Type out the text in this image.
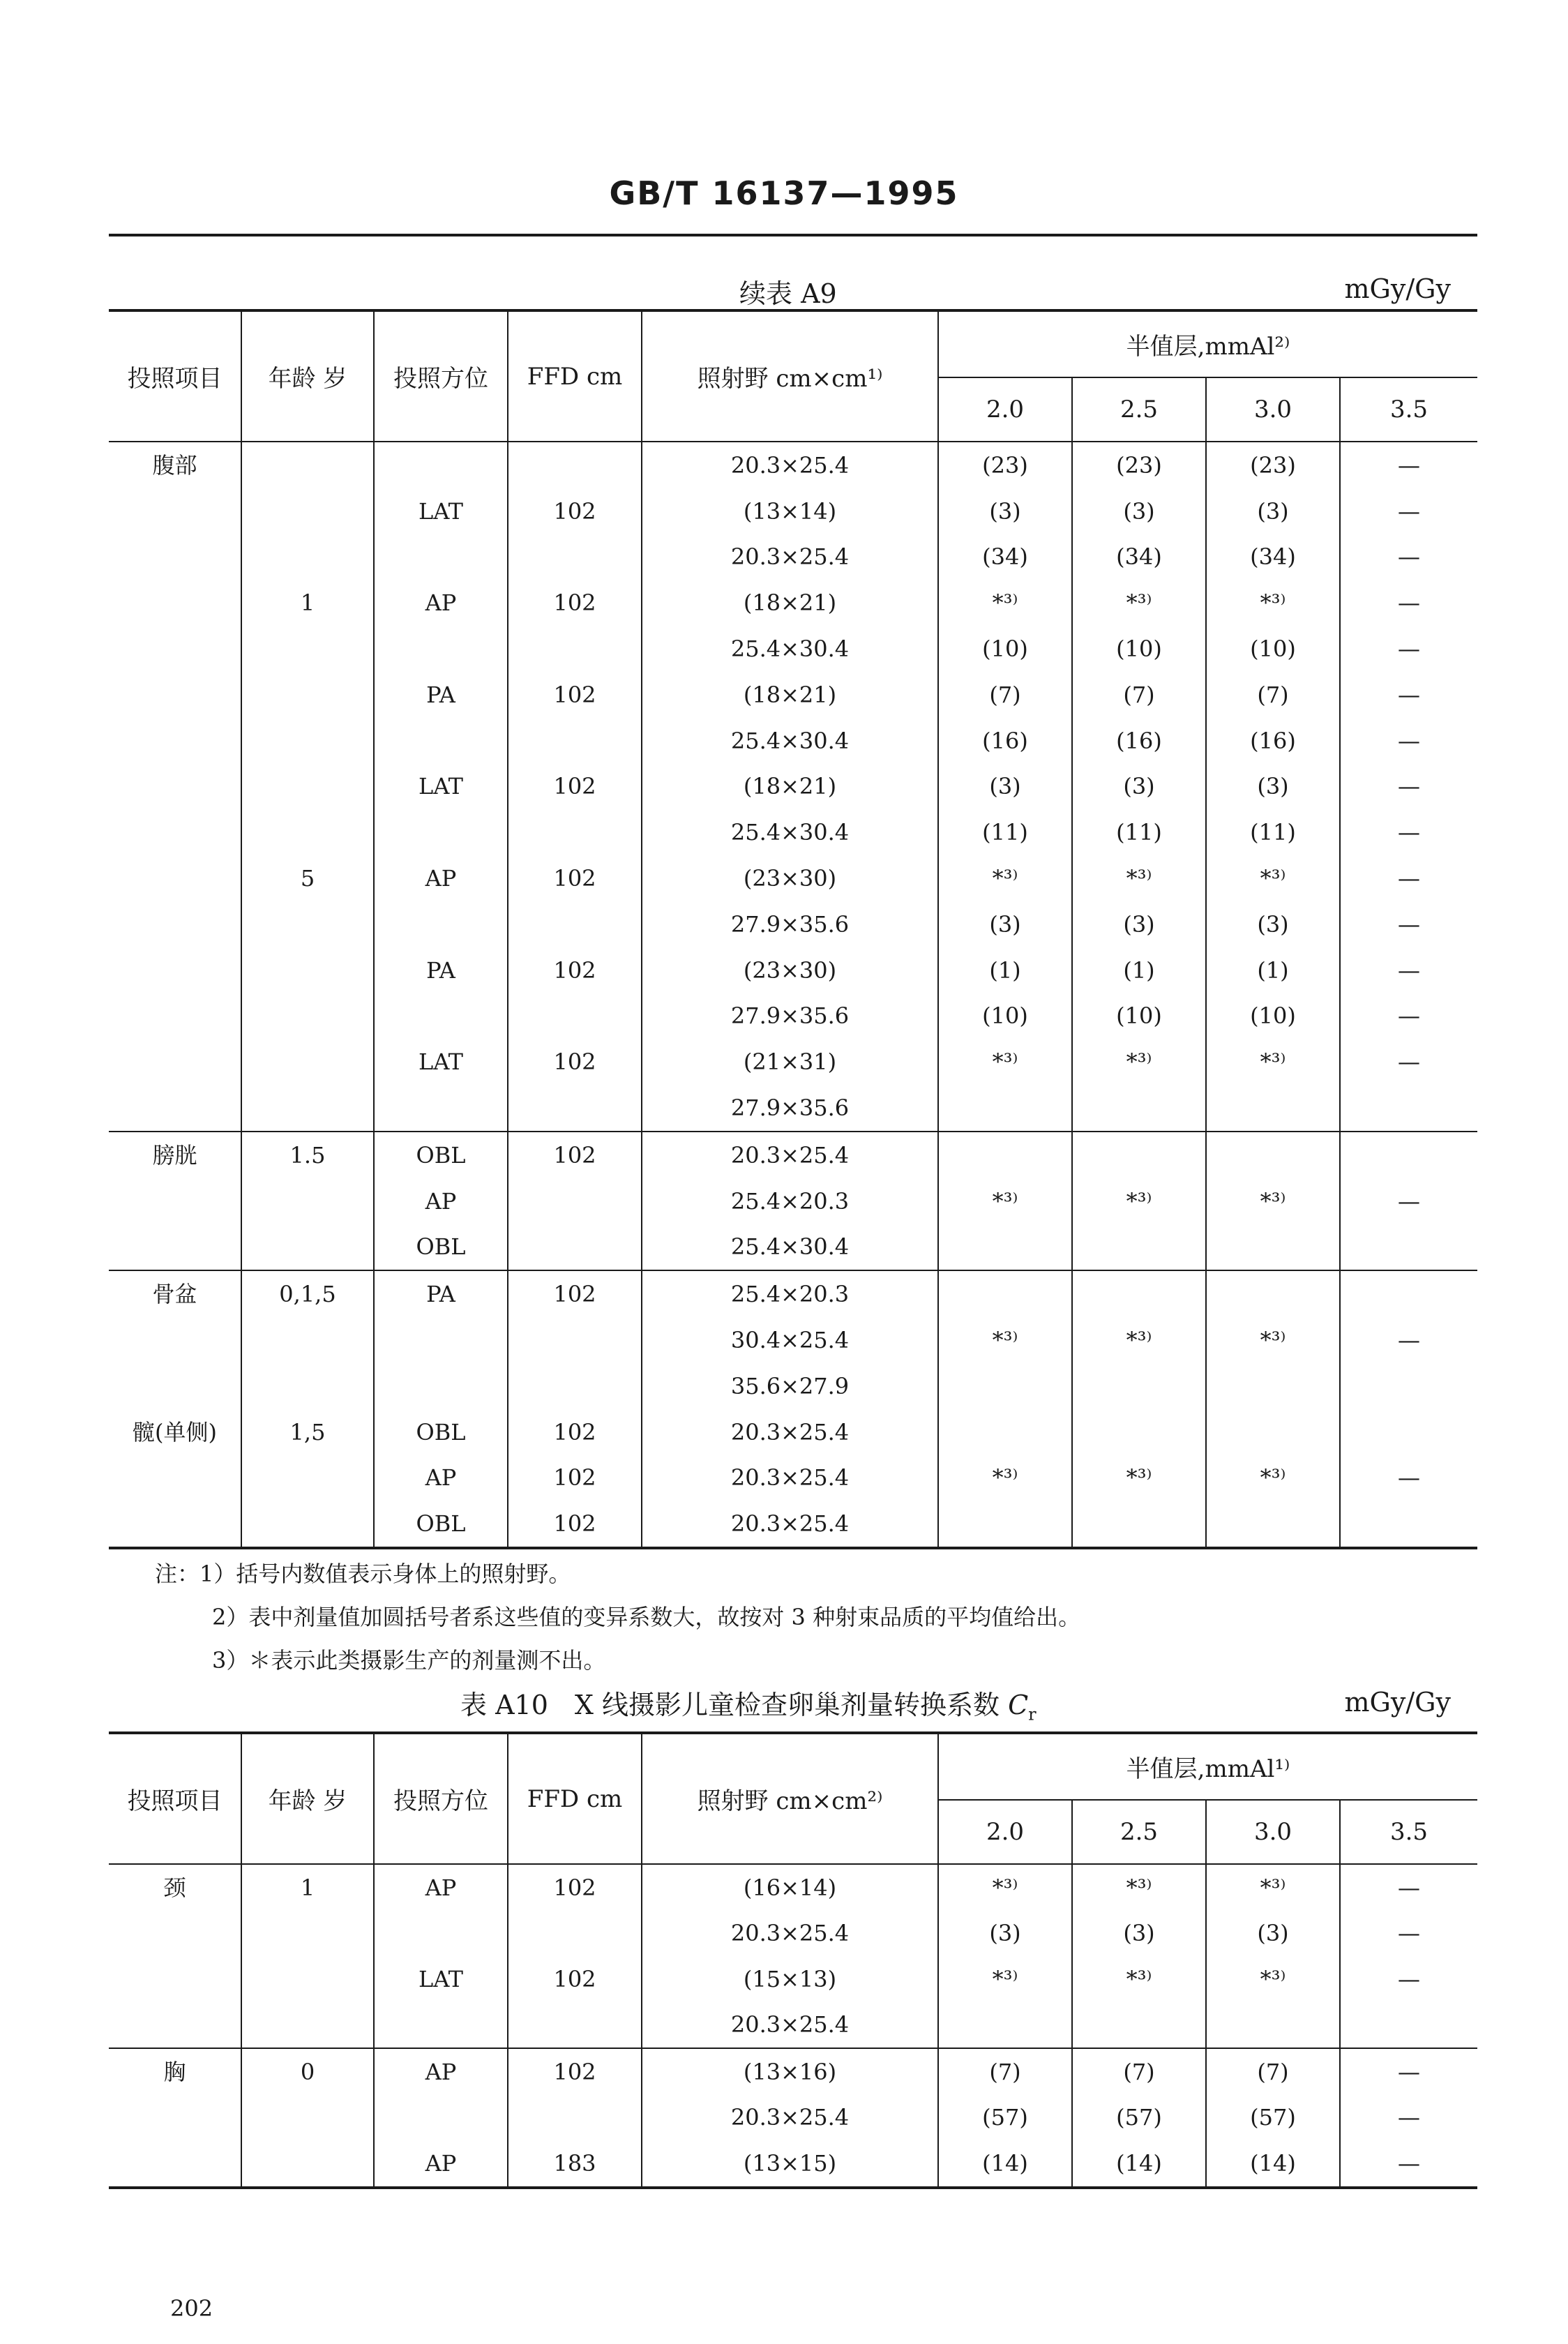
GB/T 16137—1995
续表 A9	mGy/Gy
投照项目	年龄 岁	投照方位	FFD cm	照射野 cm×cm¹⁾	半值层,mmAl²⁾			
					2.0	2.5	3.0	3.5
腹部				20.3×25.4	(23)	(23)	(23)	—
		LAT	102	(13×14)	(3)	(3)	(3)	—
				20.3×25.4	(34)	(34)	(34)	—
	1	AP	102	(18×21)	*³⁾	*³⁾	*³⁾	—
				25.4×30.4	(10)	(10)	(10)	—
		PA	102	(18×21)	(7)	(7)	(7)	—
				25.4×30.4	(16)	(16)	(16)	—
		LAT	102	(18×21)	(3)	(3)	(3)	—
				25.4×30.4	(11)	(11)	(11)	—
	5	AP	102	(23×30)	*³⁾	*³⁾	*³⁾	—
				27.9×35.6	(3)	(3)	(3)	—
		PA	102	(23×30)	(1)	(1)	(1)	—
				27.9×35.6	(10)	(10)	(10)	—
		LAT	102	(21×31)	*³⁾	*³⁾	*³⁾	—
				27.9×35.6				
膀胱	1.5	OBL	102	20.3×25.4				
		AP		25.4×20.3	*³⁾	*³⁾	*³⁾	—
		OBL		25.4×30.4				
骨盆	0,1,5	PA	102	25.4×20.3				
				30.4×25.4	*³⁾	*³⁾	*³⁾	—
				35.6×27.9				
髋(单侧)	1,5	OBL	102	20.3×25.4				
		AP	102	20.3×25.4	*³⁾	*³⁾	*³⁾	—
		OBL	102	20.3×25.4				
注：1）括号内数值表示身体上的照射野。
2）表中剂量值加圆括号者系这些值的变异系数大，故按对 3 种射束品质的平均值给出。
3）＊表示此类摄影生产的剂量测不出。
表 A10　X 线摄影儿童检查卵巢剂量转换系数 $C_r$	mGy/Gy
投照项目	年龄 岁	投照方位	FFD cm	照射野 cm×cm²⁾	半值层,mmAl¹⁾			
					2.0	2.5	3.0	3.5
颈	1	AP	102	(16×14)	*³⁾	*³⁾	*³⁾	—
				20.3×25.4	(3)	(3)	(3)	—
		LAT	102	(15×13)	*³⁾	*³⁾	*³⁾	—
				20.3×25.4				
胸	0	AP	102	(13×16)	(7)	(7)	(7)	—
				20.3×25.4	(57)	(57)	(57)	—
		AP	183	(13×15)	(14)	(14)	(14)	—
202
